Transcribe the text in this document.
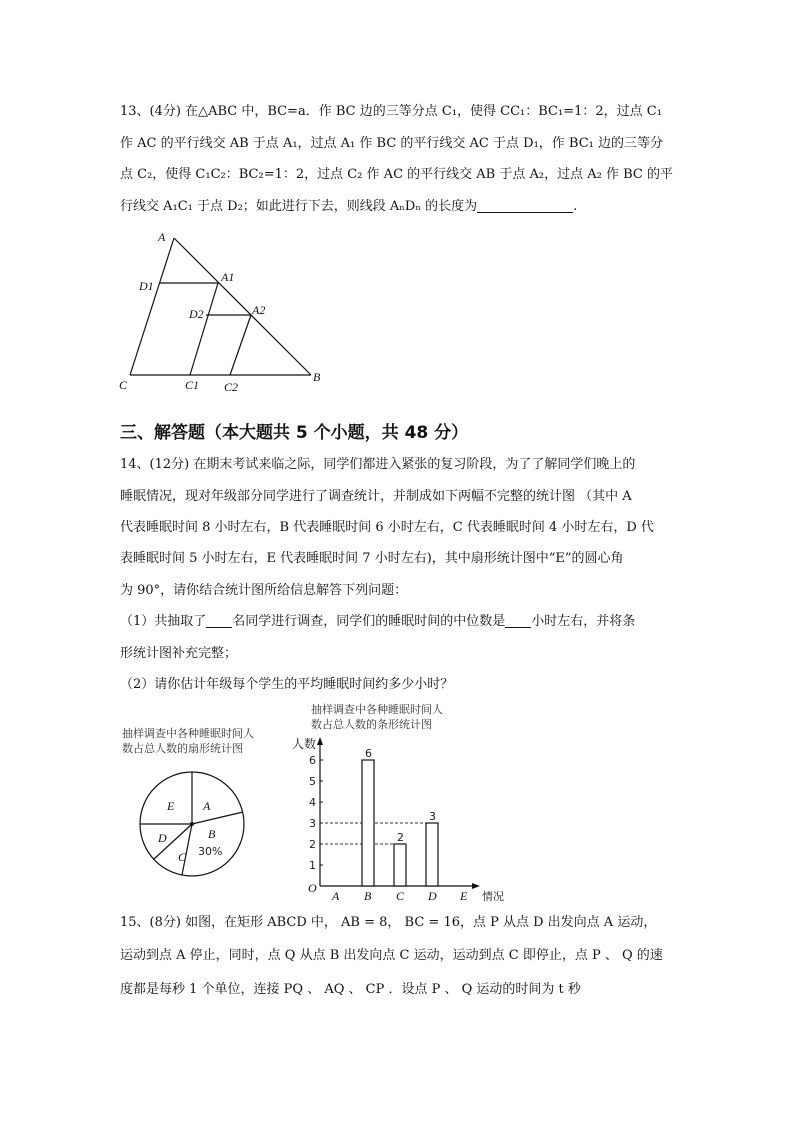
13、(4分) 在△ABC 中，BC=a．作 BC 边的三等分点 C₁，使得 CC₁：BC₁=1：2，过点 C₁
作 AC 的平行线交 AB 于点 A₁，过点 A₁ 作 BC 的平行线交 AC 于点 D₁，作 BC₁ 边的三等分
点 C₂，使得 C₁C₂：BC₂=1：2，过点 C₂ 作 AC 的平行线交 AB 于点 A₂，过点 A₂ 作 BC 的平
行线交 A₁C₁ 于点 D₂；如此进行下去，则线段 AₙDₙ 的长度为	.
A
A1
A2
D1
D2
B
C	C1 C2
三、解答题（本大题共 5 个小题，共 48 分）
14、(12分) 在期末考试来临之际，同学们都进入紧张的复习阶段，为了了解同学们晚上的
睡眠情况，现对年级部分同学进行了调查统计，并制成如下两幅不完整的统计图 （其中 A
代表睡眠时间 8 小时左右，B 代表睡眠时间 6 小时左右，C 代表睡眠时间 4 小时左右，D 代
表睡眠时间 5 小时左右，E 代表睡眠时间 7 小时左右)，其中扇形统计图中“E”的圆心角
为 90°，请你结合统计图所给信息解答下列问题：
（1）共抽取了 名同学进行调查，同学们的睡眠时间的中位数是 小时左右，并将条
形统计图补充完整；
（2）请你估计年级每个学生的平均睡眠时间约多少小时？
抽样调查中各种睡眠时间人
数占总人数的扇形统计图
E A
B
30%
C
D
抽样调查中各种睡眠时间人
数占总人数的条形统计图
人数
情况
O
1
2
3
4
5
6
6
2
3
A B C D E
15、(8分) 如图，在矩形 ABCD 中， AB = 8， BC = 16，点 P 从点 D 出发向点 A 运动，
运动到点 A 停止，同时，点 Q 从点 B 出发向点 C 运动，运动到点 C 即停止，点 P 、 Q 的速
度都是每秒 1 个单位，连接 PQ 、 AQ 、 CP ．设点 P 、 Q 运动的时间为 t 秒
